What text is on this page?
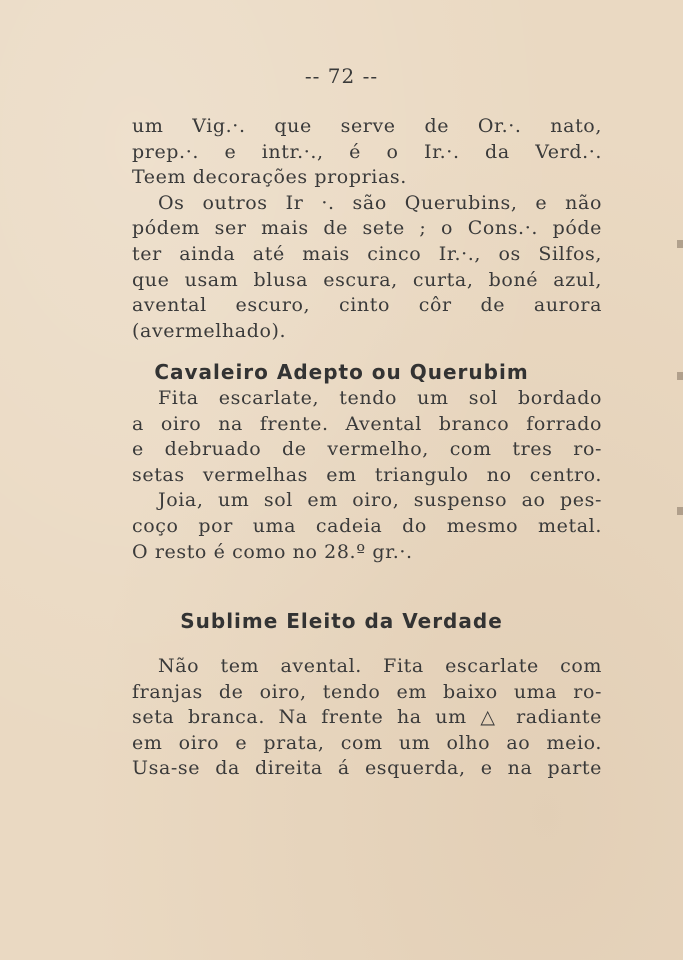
-- 72 --
um Vig.·. que serve de Or.·. nato,
prep.·. e intr.·., é o Ir.·. da Verd.·.
Teem decorações proprias.
Os outros Ir ·. são Querubins, e não
pódem ser mais de sete ; o Cons.·. póde
ter ainda até mais cinco Ir.·., os Silfos,
que usam blusa escura, curta, boné azul,
avental escuro, cinto côr de aurora
(avermelhado).
Cavaleiro Adepto ou Querubim
Fita escarlate, tendo um sol bordado
a oiro na frente. Avental branco forrado
e debruado de vermelho, com tres ro-
setas vermelhas em triangulo no centro.
Joia, um sol em oiro, suspenso ao pes-
coço por uma cadeia do mesmo metal.
O resto é como no 28.º gr.·.
Sublime Eleito da Verdade
Não tem avental. Fita escarlate com
franjas de oiro, tendo em baixo uma ro-
seta branca. Na frente ha um △ radiante
em oiro e prata, com um olho ao meio.
Usa-se da direita á esquerda, e na parte
